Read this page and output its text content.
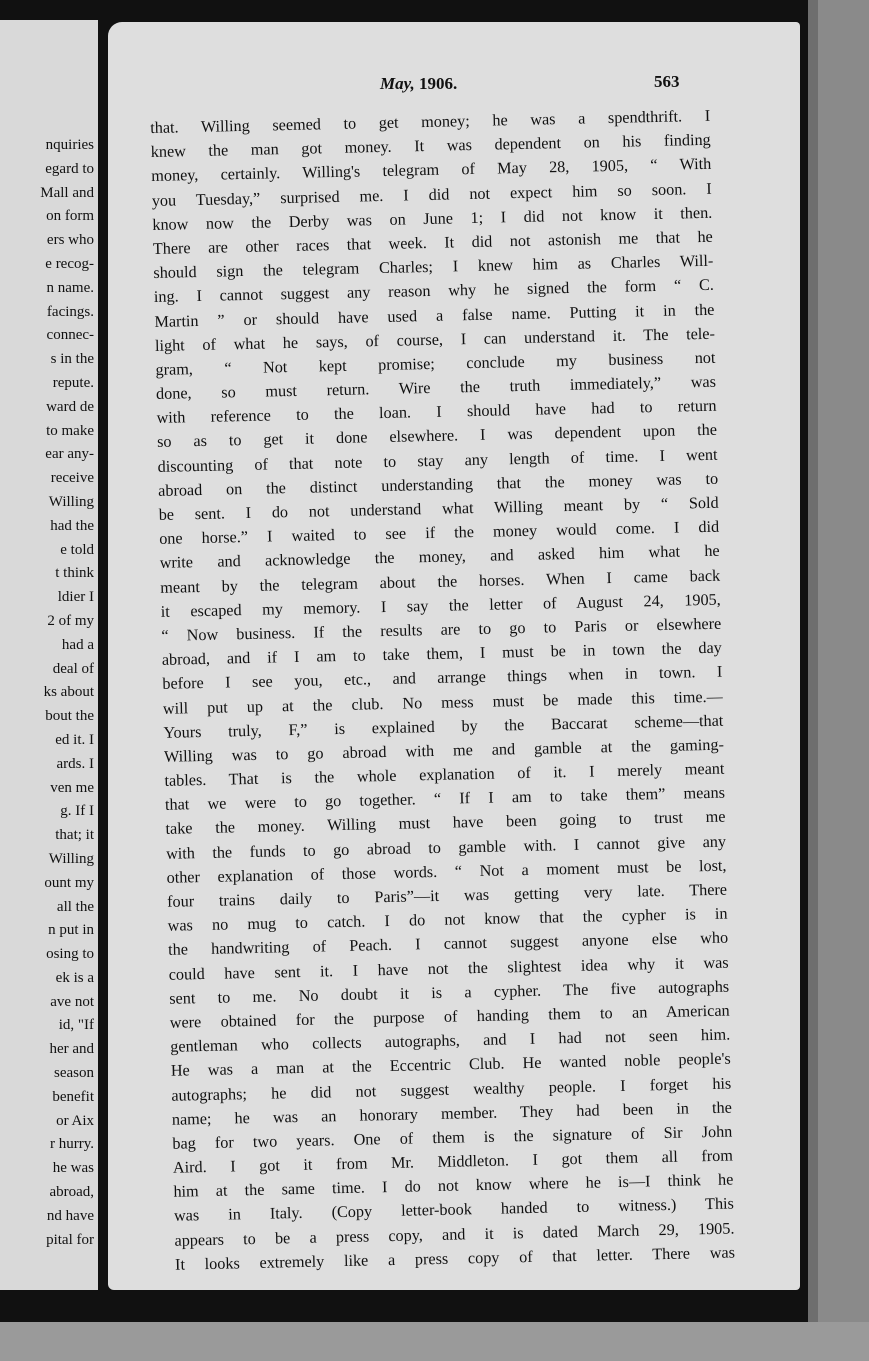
nquiries
egard to
Mall and
on form
ers who
e recog-
n name.
facings.
connec-
s in the
repute.
ward de
to make
ear any-
receive
Willing
had the
e told
t think
ldier I
2 of my
had a
deal of
ks about
bout the
ed it. I
ards. I
ven me
g. If I
that; it
Willing
ount my
all the
n put in
osing to
ek is a
ave not
id, "If
her and
season
benefit
or Aix
r hurry.
he was
abroad,
nd have
pital for
May, 1906.	563
that. Willing seemed to get money; he was a spendthrift. I
knew the man got money. It was dependent on his finding
money, certainly. Willing's telegram of May 28, 1905, “ With
you Tuesday,” surprised me. I did not expect him so soon. I
know now the Derby was on June 1; I did not know it then.
There are other races that week. It did not astonish me that he
should sign the telegram Charles; I knew him as Charles Will-
ing. I cannot suggest any reason why he signed the form “ C.
Martin ” or should have used a false name. Putting it in the
light of what he says, of course, I can understand it. The tele-
gram, “ Not kept promise; conclude my business not
done, so must return. Wire the truth immediately,” was
with reference to the loan. I should have had to return
so as to get it done elsewhere. I was dependent upon the
discounting of that note to stay any length of time. I went
abroad on the distinct understanding that the money was to
be sent. I do not understand what Willing meant by “ Sold
one horse.” I waited to see if the money would come. I did
write and acknowledge the money, and asked him what he
meant by the telegram about the horses. When I came back
it escaped my memory. I say the letter of August 24, 1905,
“ Now business. If the results are to go to Paris or elsewhere
abroad, and if I am to take them, I must be in town the day
before I see you, etc., and arrange things when in town. I
will put up at the club. No mess must be made this time.—
Yours truly, F,” is explained by the Baccarat scheme—that
Willing was to go abroad with me and gamble at the gaming-
tables. That is the whole explanation of it. I merely meant
that we were to go together. “ If I am to take them” means
take the money. Willing must have been going to trust me
with the funds to go abroad to gamble with. I cannot give any
other explanation of those words. “ Not a moment must be lost,
four trains daily to Paris”—it was getting very late. There
was no mug to catch. I do not know that the cypher is in
the handwriting of Peach. I cannot suggest anyone else who
could have sent it. I have not the slightest idea why it was
sent to me. No doubt it is a cypher. The five autographs
were obtained for the purpose of handing them to an American
gentleman who collects autographs, and I had not seen him.
He was a man at the Eccentric Club. He wanted noble people's
autographs; he did not suggest wealthy people. I forget his
name; he was an honorary member. They had been in the
bag for two years. One of them is the signature of Sir John
Aird. I got it from Mr. Middleton. I got them all from
him at the same time. I do not know where he is—I think he
was in Italy. (Copy letter-book handed to witness.) This
appears to be a press copy, and it is dated March 29, 1905.
It looks extremely like a press copy of that letter. There was
